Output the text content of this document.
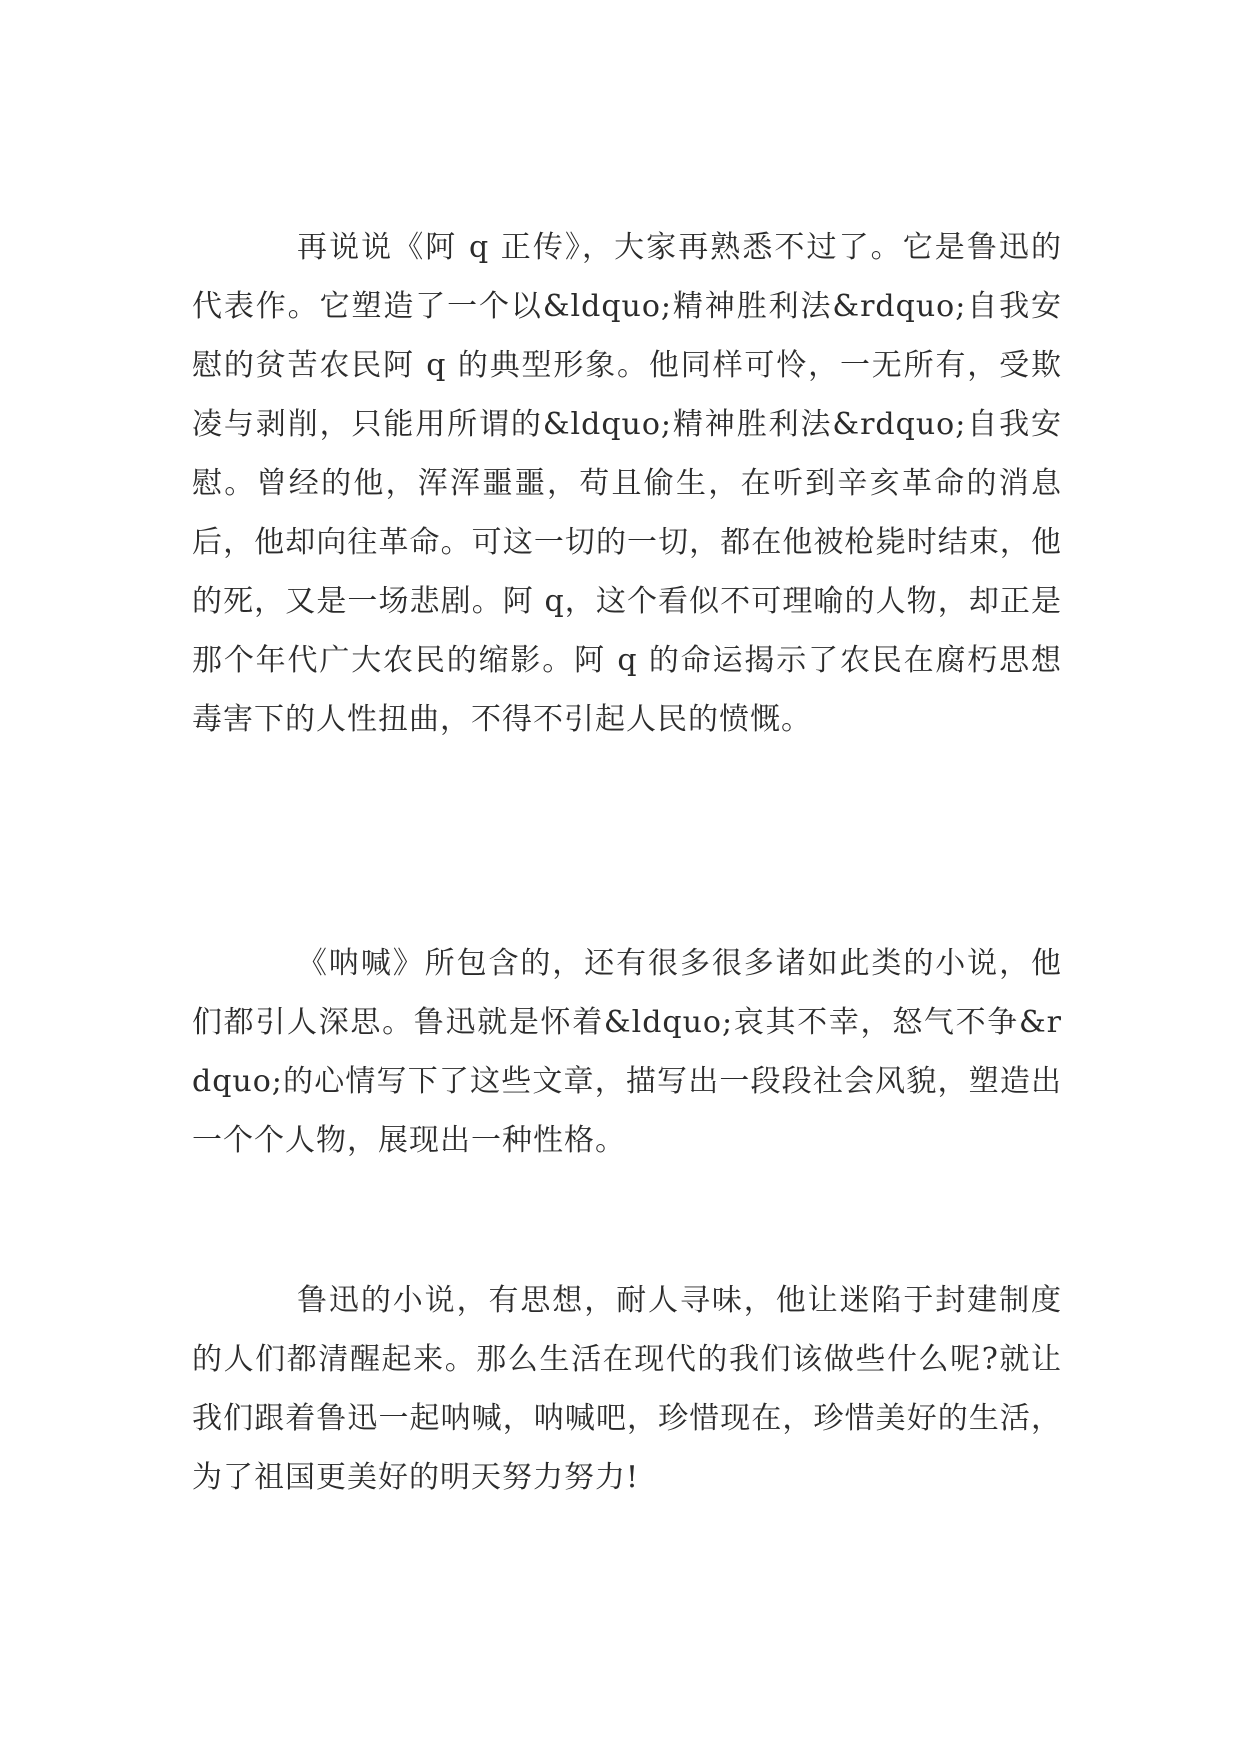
再说说《阿 q 正传》，大家再熟悉不过了。它是鲁迅的代表作。它塑造了一个以&ldquo;精神胜利法&rdquo;自我安慰的贫苦农民阿 q 的典型形象。他同样可怜，一无所有，受欺凌与剥削，只能用所谓的&ldquo;精神胜利法&rdquo;自我安慰。曾经的他，浑浑噩噩，苟且偷生，在听到辛亥革命的消息后，他却向往革命。可这一切的一切，都在他被枪毙时结束，他的死，又是一场悲剧。阿 q，这个看似不可理喻的人物，却正是那个年代广大农民的缩影。阿 q 的命运揭示了农民在腐朽思想毒害下的人性扭曲，不得不引起人民的愤慨。

《呐喊》所包含的，还有很多很多诸如此类的小说，他们都引人深思。鲁迅就是怀着&ldquo;哀其不幸，怒气不争&rdquo;的心情写下了这些文章，描写出一段段社会风貌，塑造出一个个人物，展现出一种性格。

鲁迅的小说，有思想，耐人寻味，他让迷陷于封建制度的人们都清醒起来。那么生活在现代的我们该做些什么呢?就让我们跟着鲁迅一起呐喊，呐喊吧，珍惜现在，珍惜美好的生活，为了祖国更美好的明天努力努力!
